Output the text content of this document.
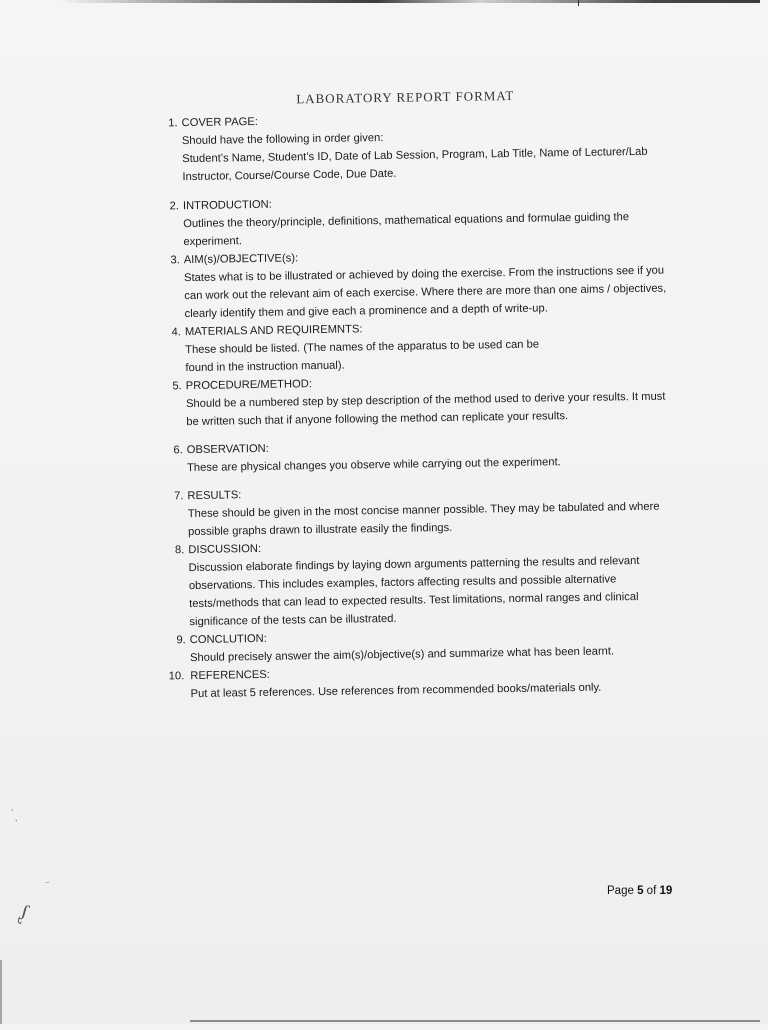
LABORATORY REPORT FORMAT
1. COVER PAGE:
Should have the following in order given:
Student’s Name, Student’s ID, Date of Lab Session, Program, Lab Title, Name of Lecturer/Lab Instructor, Course/Course Code, Due Date.
2. INTRODUCTION:
Outlines the theory/principle, definitions, mathematical equations and formulae guiding the experiment.
3. AIM(s)/OBJECTIVE(s):
States what is to be illustrated or achieved by doing the exercise. From the instructions see if you can work out the relevant aim of each exercise. Where there are more than one aims / objectives, clearly identify them and give each a prominence and a depth of write-up.
4. MATERIALS AND REQUIREMNTS:
These should be listed. (The names of the apparatus to be used can be
found in the instruction manual).
5. PROCEDURE/METHOD:
Should be a numbered step by step description of the method used to derive your results. It must be written such that if anyone following the method can replicate your results.
6. OBSERVATION:
These are physical changes you observe while carrying out the experiment.
7. RESULTS:
These should be given in the most concise manner possible. They may be tabulated and where possible graphs drawn to illustrate easily the findings.
8. DISCUSSION:
Discussion elaborate findings by laying down arguments patterning the results and relevant observations. This includes examples, factors affecting results and possible alternative tests/methods that can lead to expected results. Test limitations, normal ranges and clinical significance of the tests can be illustrated.
9. CONCLUTION:
Should precisely answer the aim(s)/objective(s) and summarize what has been learnt.
10. REFERENCES:
Put at least 5 references. Use references from recommended books/materials only.
Page 5 of 19
˙ ˏ
⁻
ᶘ
